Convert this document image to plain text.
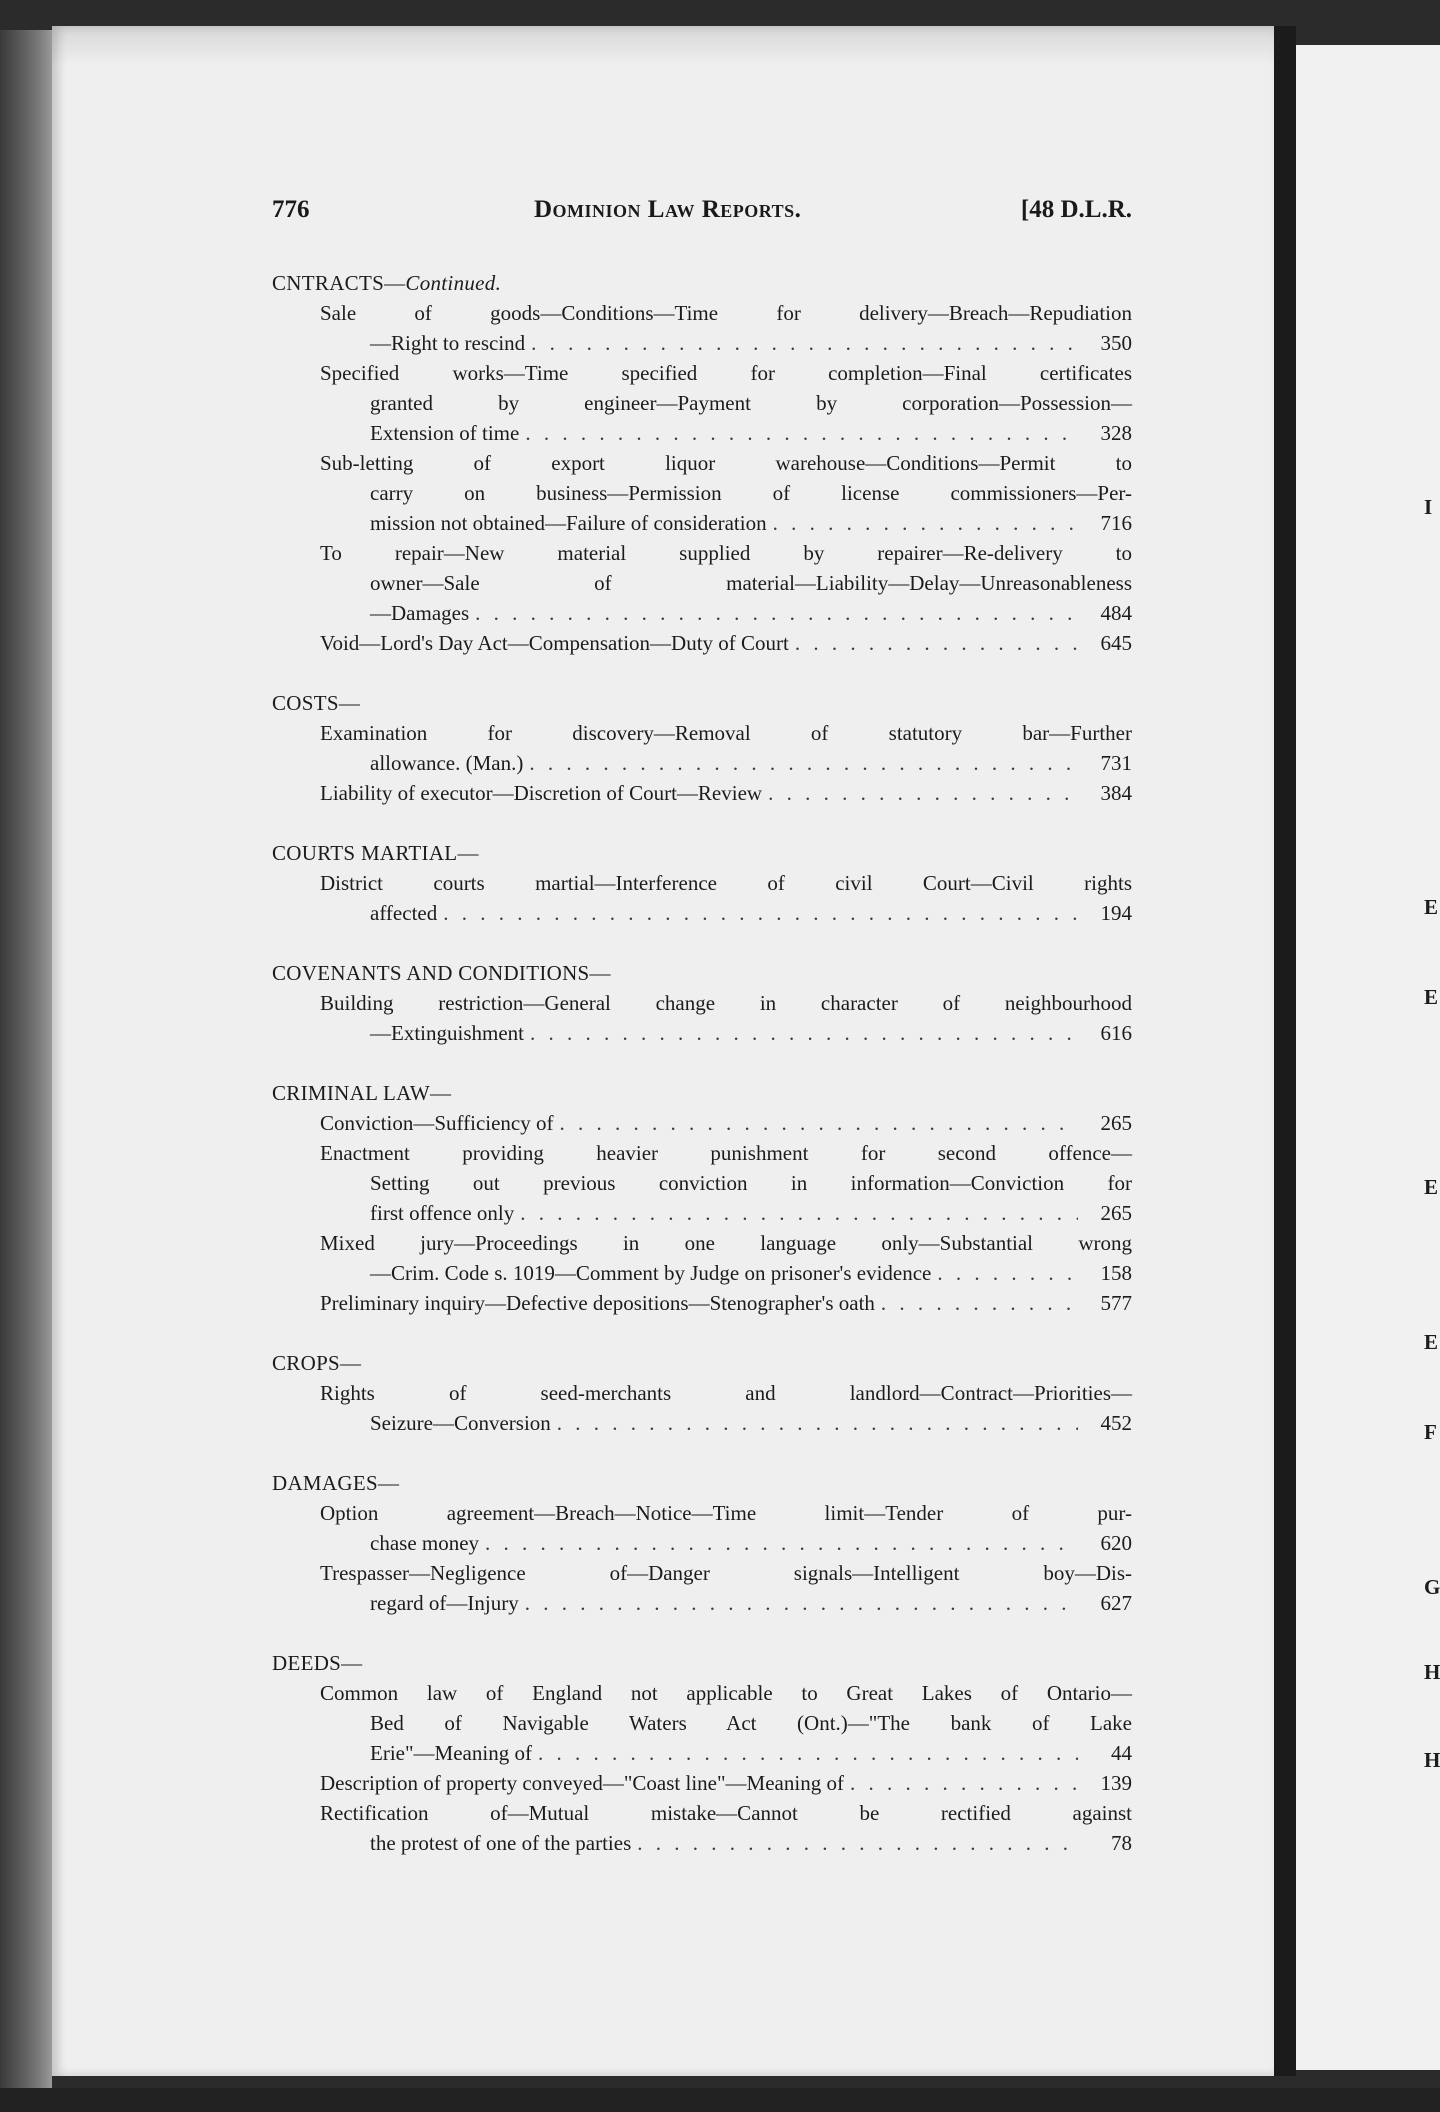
I
E
E
E
E
F
G
H
H
776	Dominion Law Reports.	[48 D.L.R.
CNTRACTS—Continued.
Sale of goods—Conditions—Time for delivery—Breach—Repudiation
—Right to rescind . . .	350
Specified works—Time specified for completion—Final certificates
granted by engineer—Payment by corporation—Possession—
Extension of time . . .	328
Sub-letting of export liquor warehouse—Conditions—Permit to
carry on business—Permission of license commissioners—Per-
mission not obtained—Failure of consideration . . .	716
To repair—New material supplied by repairer—Re-delivery to
owner—Sale of material—Liability—Delay—Unreasonableness
—Damages . . .	484
Void—Lord's Day Act—Compensation—Duty of Court . . .	645
COSTS—
Examination for discovery—Removal of statutory bar—Further
allowance. (Man.) . . .	731
Liability of executor—Discretion of Court—Review . . .	384
COURTS MARTIAL—
District courts martial—Interference of civil Court—Civil rights
affected . . .	194
COVENANTS AND CONDITIONS—
Building restriction—General change in character of neighbourhood
—Extinguishment . . .	616
CRIMINAL LAW—
Conviction—Sufficiency of . . .	265
Enactment providing heavier punishment for second offence—
Setting out previous conviction in information—Conviction for
first offence only . . .	265
Mixed jury—Proceedings in one language only—Substantial wrong
—Crim. Code s. 1019—Comment by Judge on prisoner's evidence . . .	158
Preliminary inquiry—Defective depositions—Stenographer's oath . . .	577
CROPS—
Rights of seed-merchants and landlord—Contract—Priorities—
Seizure—Conversion . . .	452
DAMAGES—
Option agreement—Breach—Notice—Time limit—Tender of pur-
chase money . . .	620
Trespasser—Negligence of—Danger signals—Intelligent boy—Dis-
regard of—Injury . . .	627
DEEDS—
Common law of England not applicable to Great Lakes of Ontario—
Bed of Navigable Waters Act (Ont.)—"The bank of Lake
Erie"—Meaning of . . .	44
Description of property conveyed—"Coast line"—Meaning of . . .	139
Rectification of—Mutual mistake—Cannot be rectified against
the protest of one of the parties . . .	78
